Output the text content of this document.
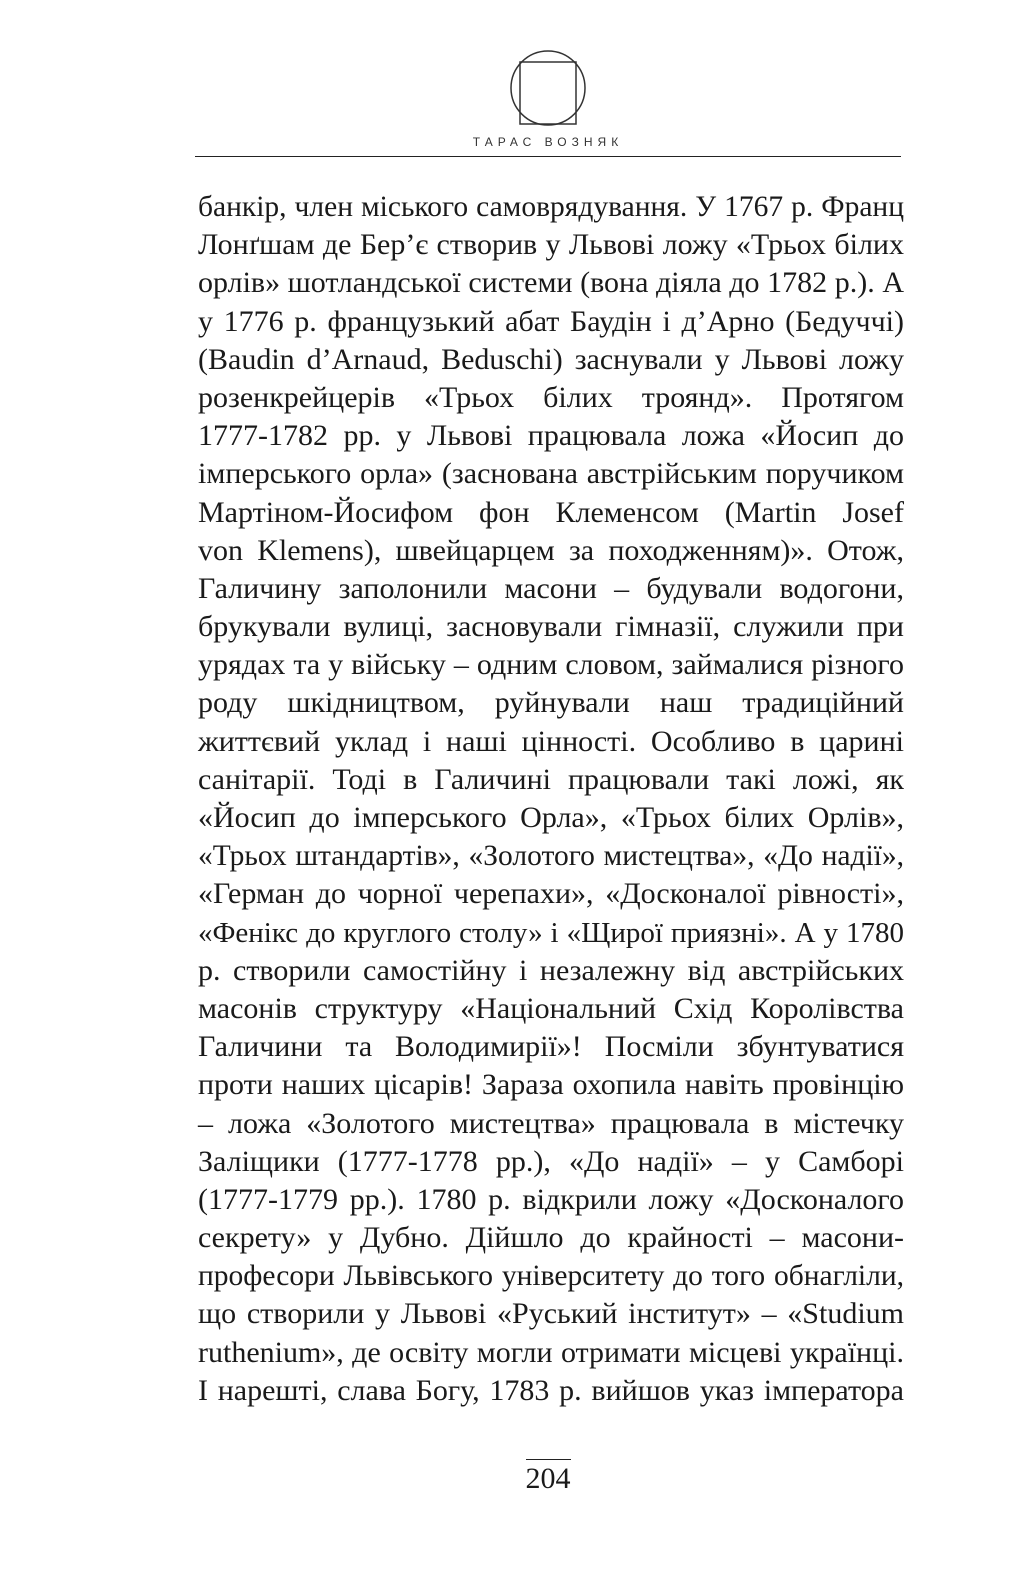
ТАРАС ВОЗНЯК
банкір, член міського самоврядування. У 1767 р. Франц
Лонґшам де Бер’є створив у Львові ложу «Трьох білих
орлів» шотландської системи (вона діяла до 1782 р.). А
у 1776 р. французький абат Баудін і д’Арно (Бедуччі)
(Baudin d’Arnaud, Beduschi) заснували у Львові ложу
розенкрейцерів «Трьох білих троянд». Протягом
1777-1782 рр. у Львові працювала ложа «Йосип до
імперського орла» (заснована австрійським поручиком
Мартіном-Йосифом фон Клеменсом (Martin Josef
von Klemens), швейцарцем за походженням)». Отож,
Галичину заполонили масони – будували водогони,
брукували вулиці, засновували гімназії, служили при
урядах та у війську – одним словом, займалися різного
роду шкідництвом, руйнували наш традиційний
життєвий уклад і наші цінності. Особливо в царині
санітарії. Тоді в Галичині працювали такі ложі, як
«Йосип до імперського Орла», «Трьох білих Орлів»,
«Трьох штандартів», «Золотого мистецтва», «До надії»,
«Герман до чорної черепахи», «Досконалої рівності»,
«Фенікс до круглого столу» і «Щирої приязні». А у 1780
р. створили самостійну і незалежну від австрійських
масонів структуру «Національний Схід Королівства
Галичини та Володимирії»! Посміли збунтуватися
проти наших цісарів! Зараза охопила навіть провінцію
– ложа «Золотого мистецтва» працювала в містечку
Заліщики (1777-1778 рр.), «До надії» – у Самборі
(1777-1779 рр.). 1780 р. відкрили ложу «Досконалого
секрету» у Дубно. Дійшло до крайності – масони-
професори Львівського університету до того обнагліли,
що створили у Львові «Руський інститут» – «Studium
ruthenium», де освіту могли отримати місцеві українці.
І нарешті, слава Богу, 1783 р. вийшов указ імператора
204
